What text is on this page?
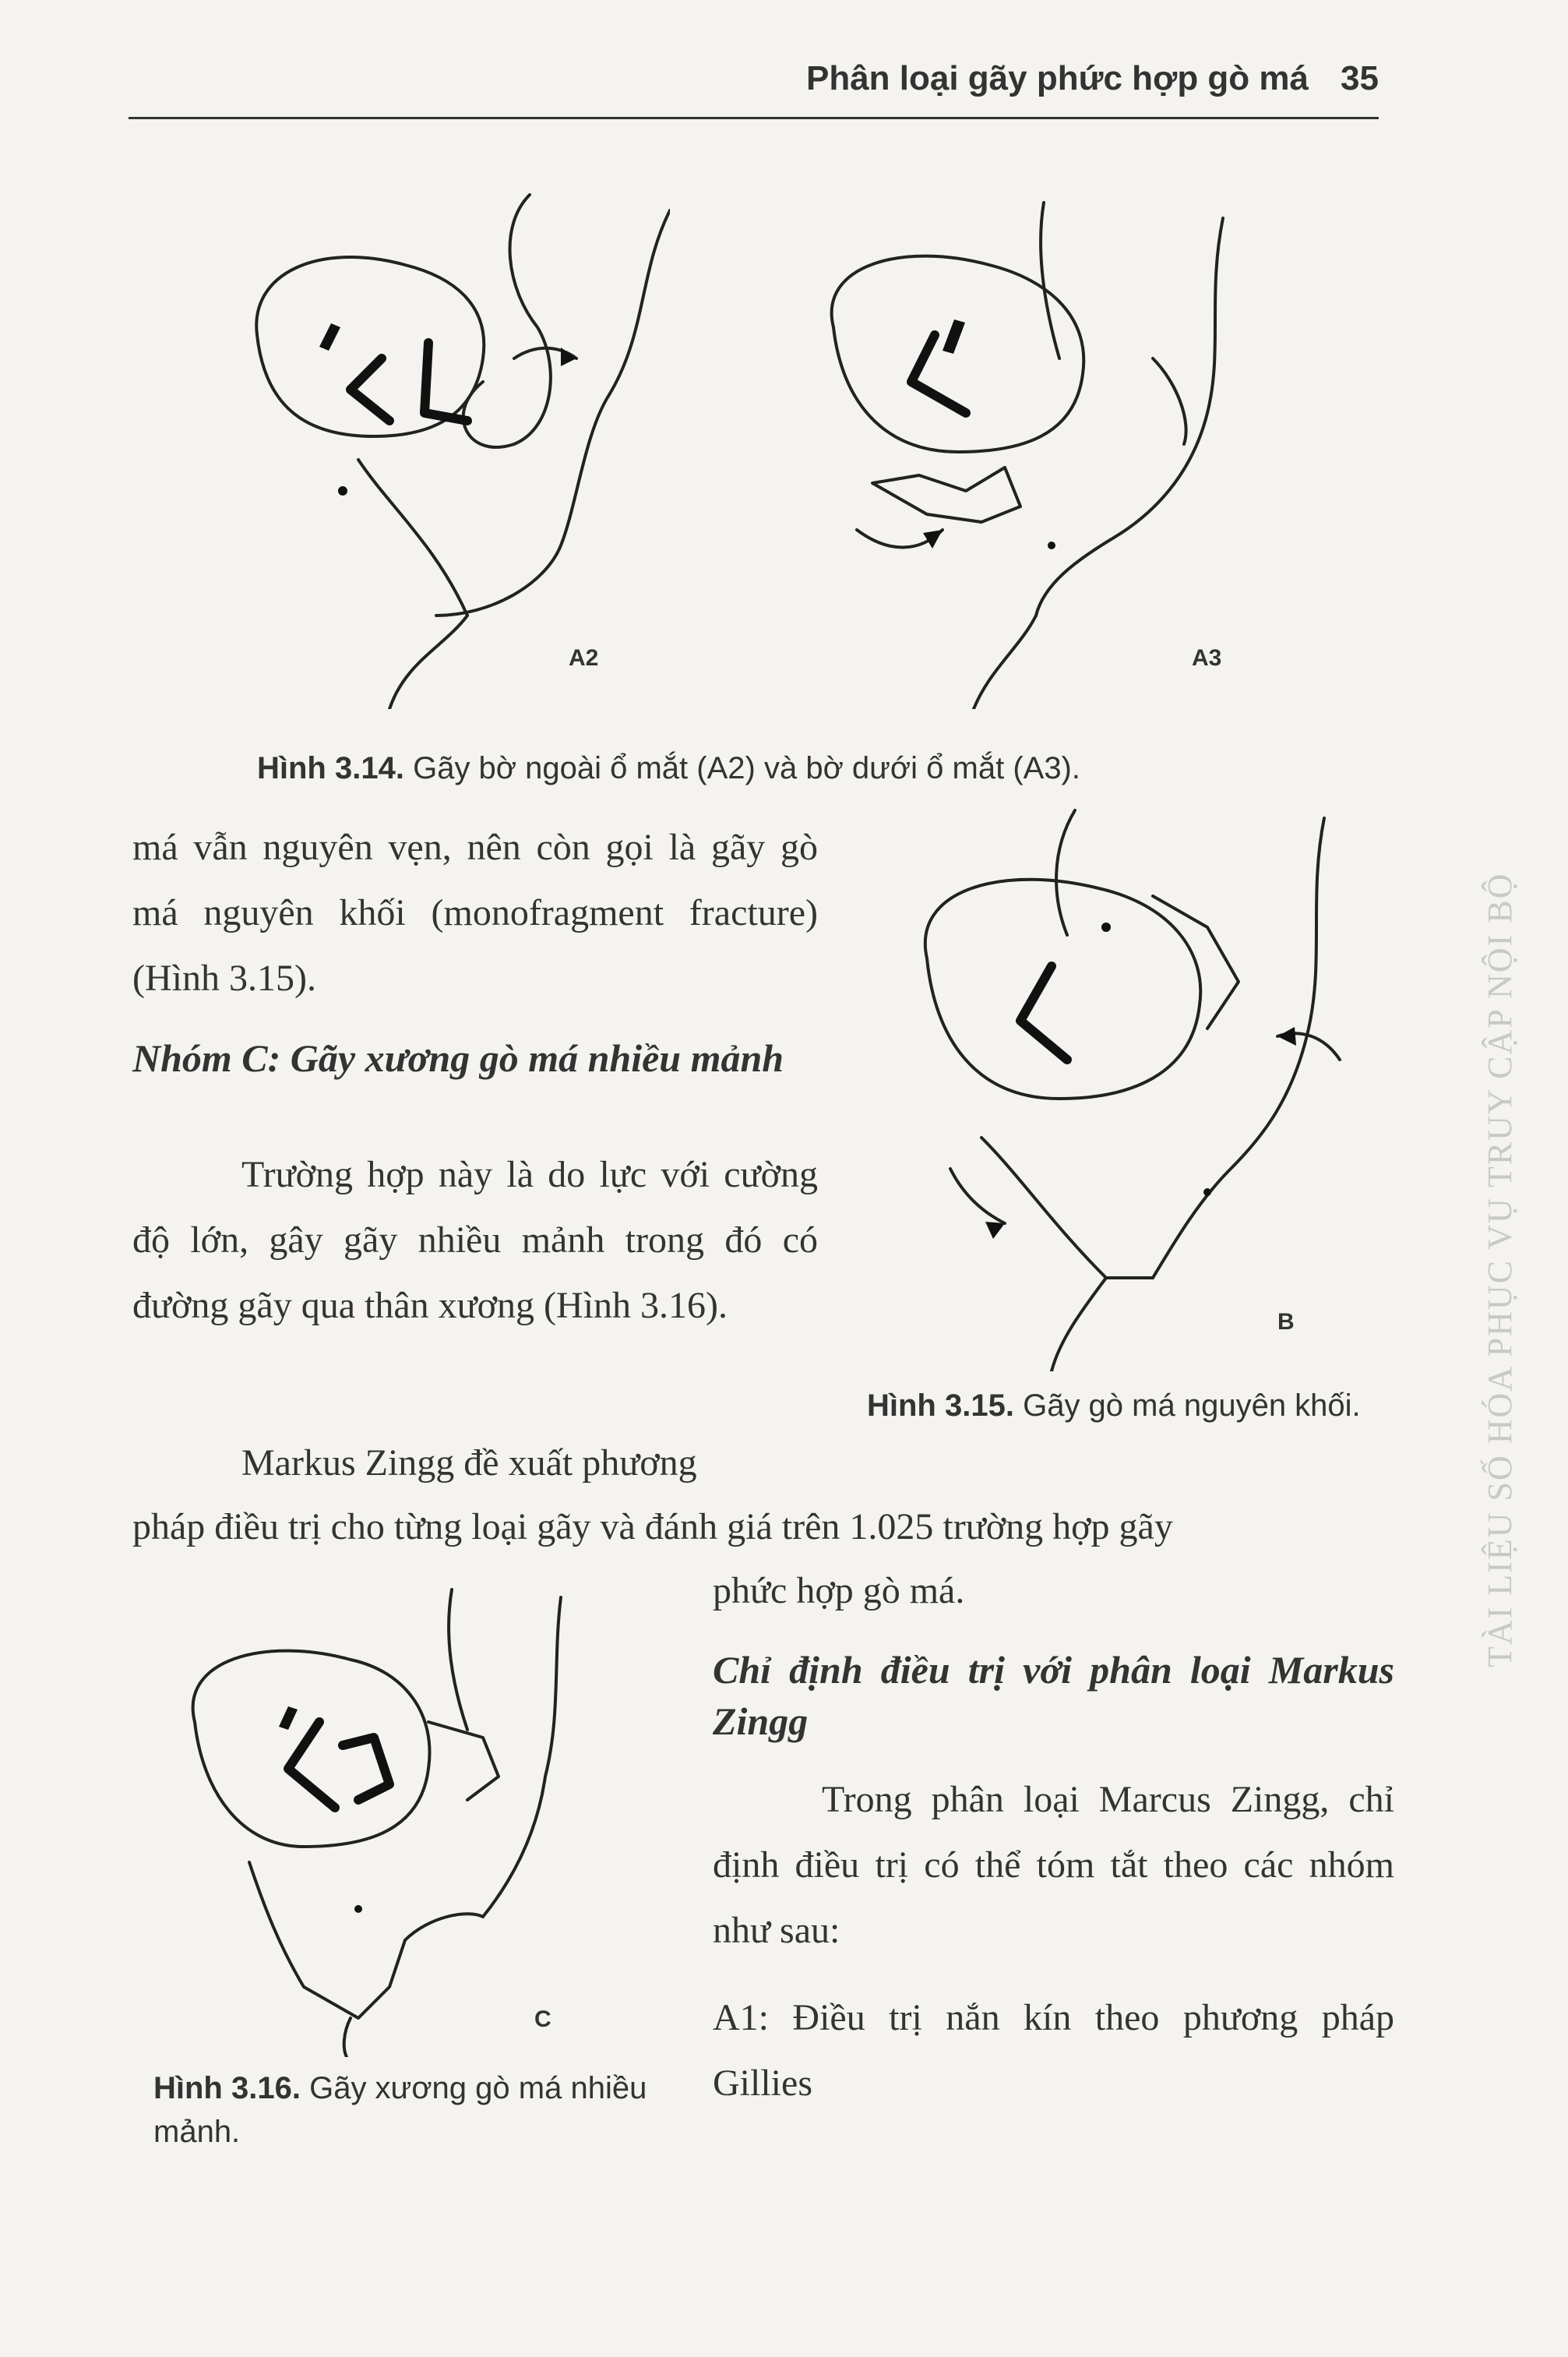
Phân loại gãy phức hợp gò má 35
A2	A3
Hình 3.14. Gãy bờ ngoài ổ mắt (A2) và bờ dưới ổ mắt (A3).
B
Hình 3.15. Gãy gò má nguyên khối.

má vẫn nguyên vẹn, nên còn gọi là gãy gò má nguyên khối (monofragment fracture) (Hình 3.15).

Nhóm C: Gãy xương gò má nhiều mảnh

Trường hợp này là do lực với cường độ lớn, gây gãy nhiều mảnh trong đó có đường gãy qua thân xương (Hình 3.16).

Markus Zingg đề xuất phương

pháp điều trị cho từng loại gãy và đánh giá trên 1.025 trường hợp gãy

phức hợp gò má.

C
Hình 3.16. Gãy xương gò má nhiều mảnh.

Chỉ định điều trị với phân loại Markus Zingg

Trong phân loại Marcus Zingg, chỉ định điều trị có thể tóm tắt theo các nhóm như sau:

A1: Điều trị nắn kín theo phương pháp Gillies

TÀI LIỆU SỐ HÓA PHỤC VỤ TRUY CẬP NỘI BỘ
